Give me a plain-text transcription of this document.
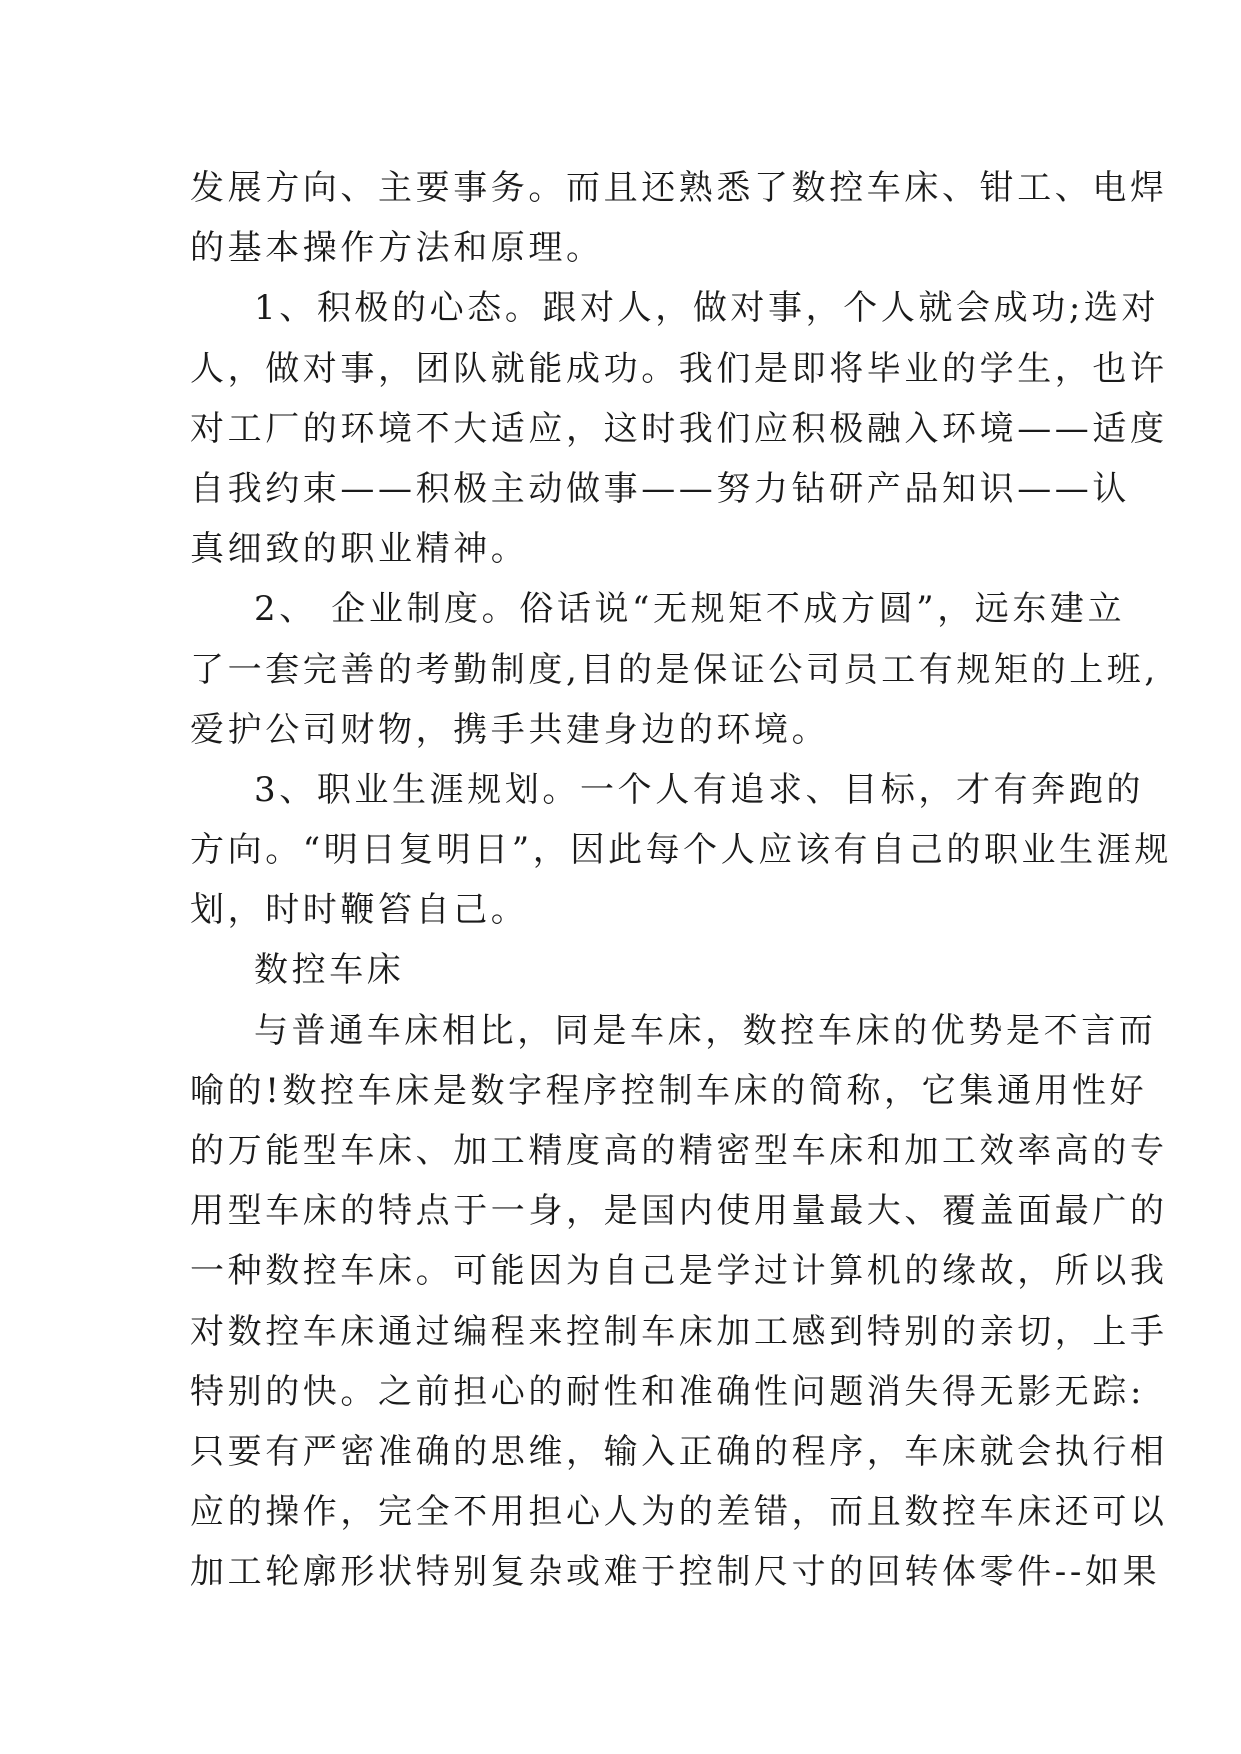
发展方向、主要事务。而且还熟悉了数控车床、钳工、电焊
的基本操作方法和原理。
1、积极的心态。跟对人，做对事，个人就会成功;选对
人，做对事，团队就能成功。我们是即将毕业的学生，也许
对工厂的环境不大适应，这时我们应积极融入环境——适度
自我约束——积极主动做事——努力钻研产品知识——认
真细致的职业精神。
2、 企业制度。俗话说“无规矩不成方圆”，远东建立
了一套完善的考勤制度,目的是保证公司员工有规矩的上班,
爱护公司财物，携手共建身边的环境。
3、职业生涯规划。一个人有追求、目标，才有奔跑的
方向。“明日复明日”，因此每个人应该有自己的职业生涯规
划，时时鞭笞自己。
数控车床
与普通车床相比，同是车床，数控车床的优势是不言而
喻的!数控车床是数字程序控制车床的简称，它集通用性好
的万能型车床、加工精度高的精密型车床和加工效率高的专
用型车床的特点于一身，是国内使用量最大、覆盖面最广的
一种数控车床。可能因为自己是学过计算机的缘故，所以我
对数控车床通过编程来控制车床加工感到特别的亲切，上手
特别的快。之前担心的耐性和准确性问题消失得无影无踪:
只要有严密准确的思维，输入正确的程序，车床就会执行相
应的操作，完全不用担心人为的差错，而且数控车床还可以
加工轮廓形状特别复杂或难于控制尺寸的回转体零件--如果
